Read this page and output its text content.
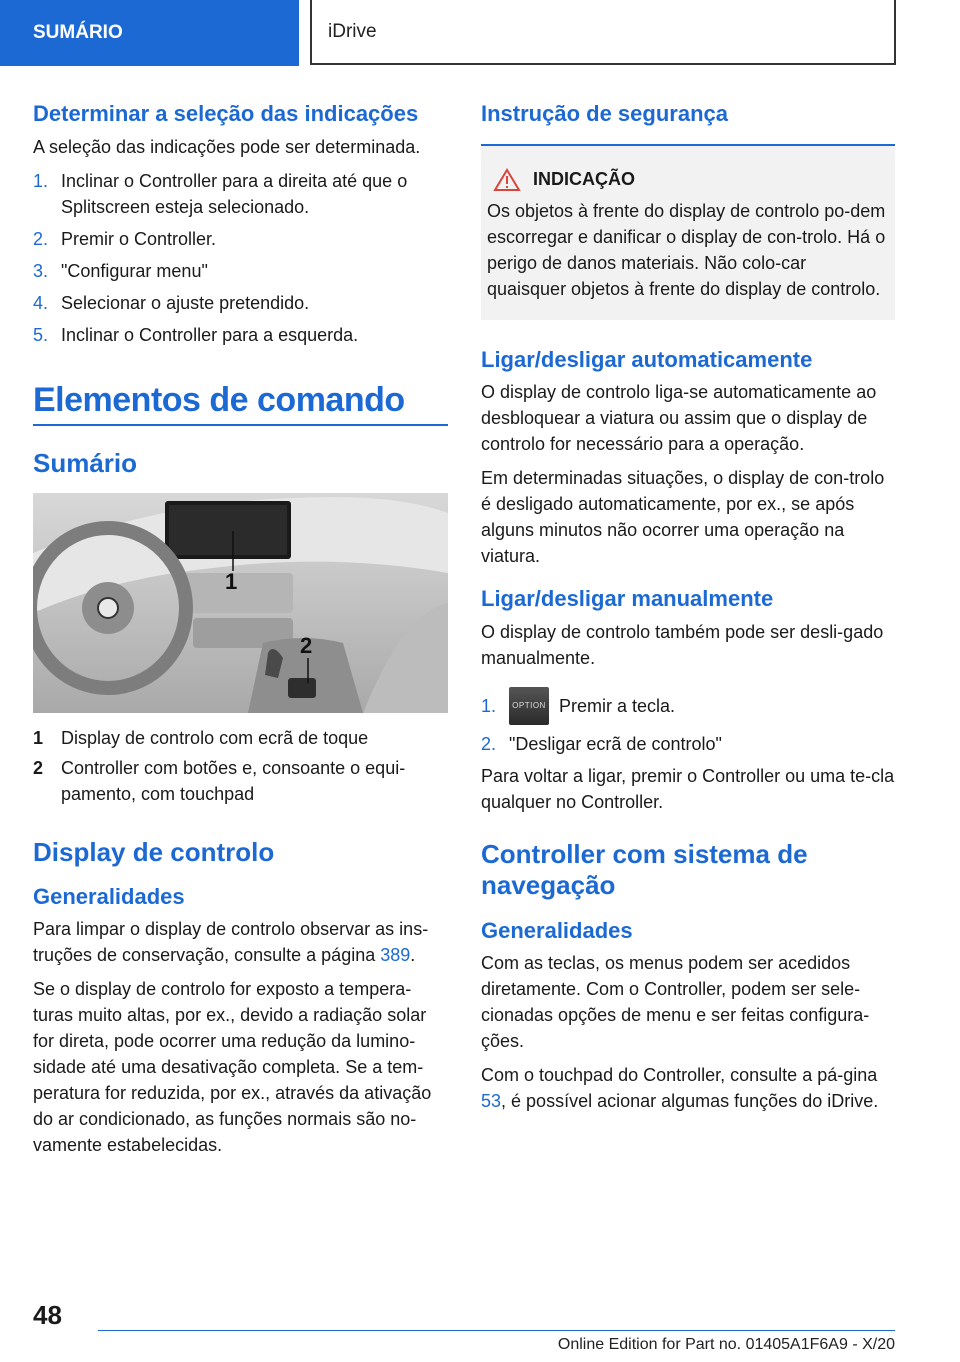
SUMÁRIO	iDrive
Determinar a seleção das indicações

A seleção das indicações pode ser determinada.

1. Inclinar o Controller para a direita até que o Splitscreen esteja selecionado.
2. Premir o Controller.
3. "Configurar menu"
4. Selecionar o ajuste pretendido.
5. Inclinar o Controller para a esquerda.
Elementos de comando
Sumário
1
2
1 Display de controlo com ecrã de toque
2 Controller com botões e, consoante o equi-pamento, com touchpad
Display de controlo
Generalidades

Para limpar o display de controlo observar as ins-truções de conservação, consulte a página 389.

Se o display de controlo for exposto a tempera-turas muito altas, por ex., devido a radiação solar for direta, pode ocorrer uma redução da lumino-sidade até uma desativação completa. Se a tem-peratura for reduzida, por ex., através da ativação do ar condicionado, as funções normais são no-vamente estabelecidas.

Instrução de segurança
INDICAÇÃO

Os objetos à frente do display de controlo po-dem escorregar e danificar o display de con-trolo. Há o perigo de danos materiais. Não colo-car quaisquer objetos à frente do display de controlo.

Ligar/desligar automaticamente

O display de controlo liga-se automaticamente ao desbloquear a viatura ou assim que o display de controlo for necessário para a operação.

Em determinadas situações, o display de con-trolo é desligado automaticamente, por ex., se após alguns minutos não ocorrer uma operação na viatura.

Ligar/desligar manualmente

O display de controlo também pode ser desli-gado manualmente.

1.	OPTION Premir a tecla.
2. "Desligar ecrã de controlo"

Para voltar a ligar, premir o Controller ou uma te-cla qualquer no Controller.

Controller com sistema de navegação
Generalidades

Com as teclas, os menus podem ser acedidos diretamente. Com o Controller, podem ser sele-cionadas opções de menu e ser feitas configura-ções.

Com o touchpad do Controller, consulte a pá-gina 53, é possível acionar algumas funções do iDrive.

48
Online Edition for Part no. 01405A1F6A9 - X/20
